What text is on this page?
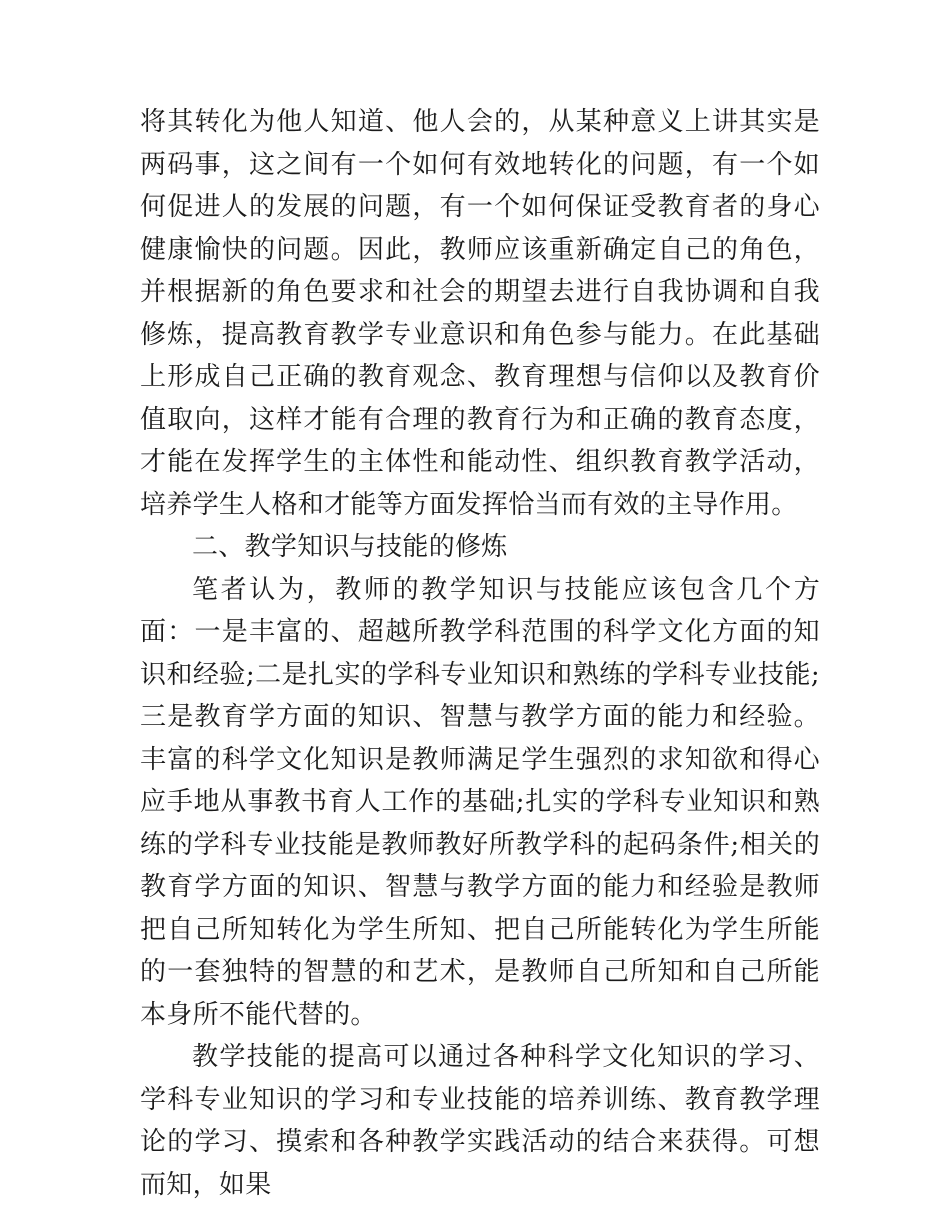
将其转化为他人知道、他人会的，从某种意义上讲其实是两码事，这之间有一个如何有效地转化的问题，有一个如何促进人的发展的问题，有一个如何保证受教育者的身心健康愉快的问题。因此，教师应该重新确定自己的角色，并根据新的角色要求和社会的期望去进行自我协调和自我修炼，提高教育教学专业意识和角色参与能力。在此基础上形成自己正确的教育观念、教育理想与信仰以及教育价值取向，这样才能有合理的教育行为和正确的教育态度，才能在发挥学生的主体性和能动性、组织教育教学活动，培养学生人格和才能等方面发挥恰当而有效的主导作用。

二、教学知识与技能的修炼

笔者认为，教师的教学知识与技能应该包含几个方面：一是丰富的、超越所教学科范围的科学文化方面的知识和经验;二是扎实的学科专业知识和熟练的学科专业技能;三是教育学方面的知识、智慧与教学方面的能力和经验。丰富的科学文化知识是教师满足学生强烈的求知欲和得心应手地从事教书育人工作的基础;扎实的学科专业知识和熟练的学科专业技能是教师教好所教学科的起码条件;相关的教育学方面的知识、智慧与教学方面的能力和经验是教师把自己所知转化为学生所知、把自己所能转化为学生所能的一套独特的智慧的和艺术，是教师自己所知和自己所能本身所不能代替的。

教学技能的提高可以通过各种科学文化知识的学习、学科专业知识的学习和专业技能的培养训练、教育教学理论的学习、摸索和各种教学实践活动的结合来获得。可想而知，如果
